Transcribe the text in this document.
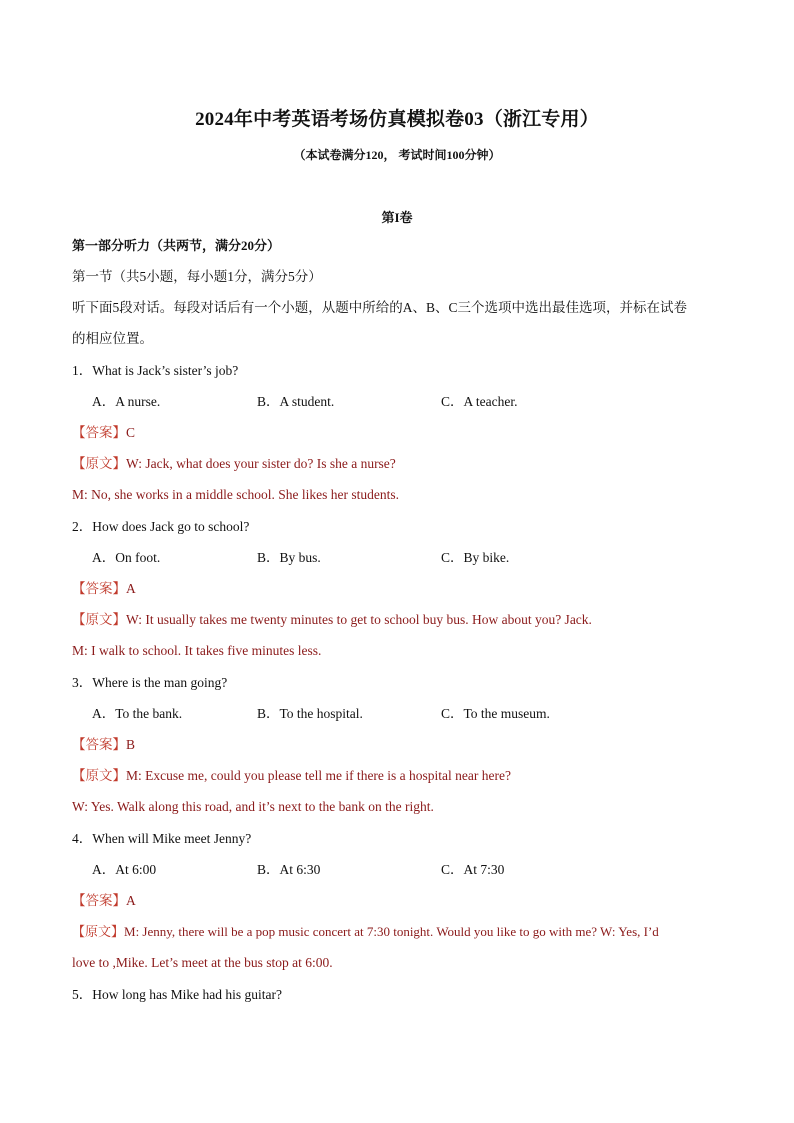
2024年中考英语考场仿真模拟卷03（浙江专用）
（本试卷满分120， 考试时间100分钟）
第I卷
第一部分听力（共两节，满分20分）
第一节（共5小题，每小题1分，满分5分）
听下面5段对话。每段对话后有一个小题，从题中所给的A、B、C三个选项中选出最佳选项，并标在试卷
的相应位置。
1．What is Jack’s sister’s job?
A．A nurse.	B．A student.	C．A teacher.
【答案】C
【原文】W: Jack, what does your sister do? Is she a nurse?
M: No, she works in a middle school. She likes her students.
2．How does Jack go to school?
A．On foot.	B．By bus.	C．By bike.
【答案】A
【原文】W: It usually takes me twenty minutes to get to school buy bus. How about you? Jack.
M: I walk to school. It takes five minutes less.
3．Where is the man going?
A．To the bank.	B．To the hospital.	C．To the museum.
【答案】B
【原文】M: Excuse me, could you please tell me if there is a hospital near here?
W: Yes. Walk along this road, and it’s next to the bank on the right.
4．When will Mike meet Jenny?
A．At 6:00	B．At 6:30	C．At 7:30
【答案】A
【原文】M: Jenny, there will be a pop music concert at 7:30 tonight. Would you like to go with me? W: Yes, I’d
love to ,Mike. Let’s meet at the bus stop at 6:00.
5．How long has Mike had his guitar?
